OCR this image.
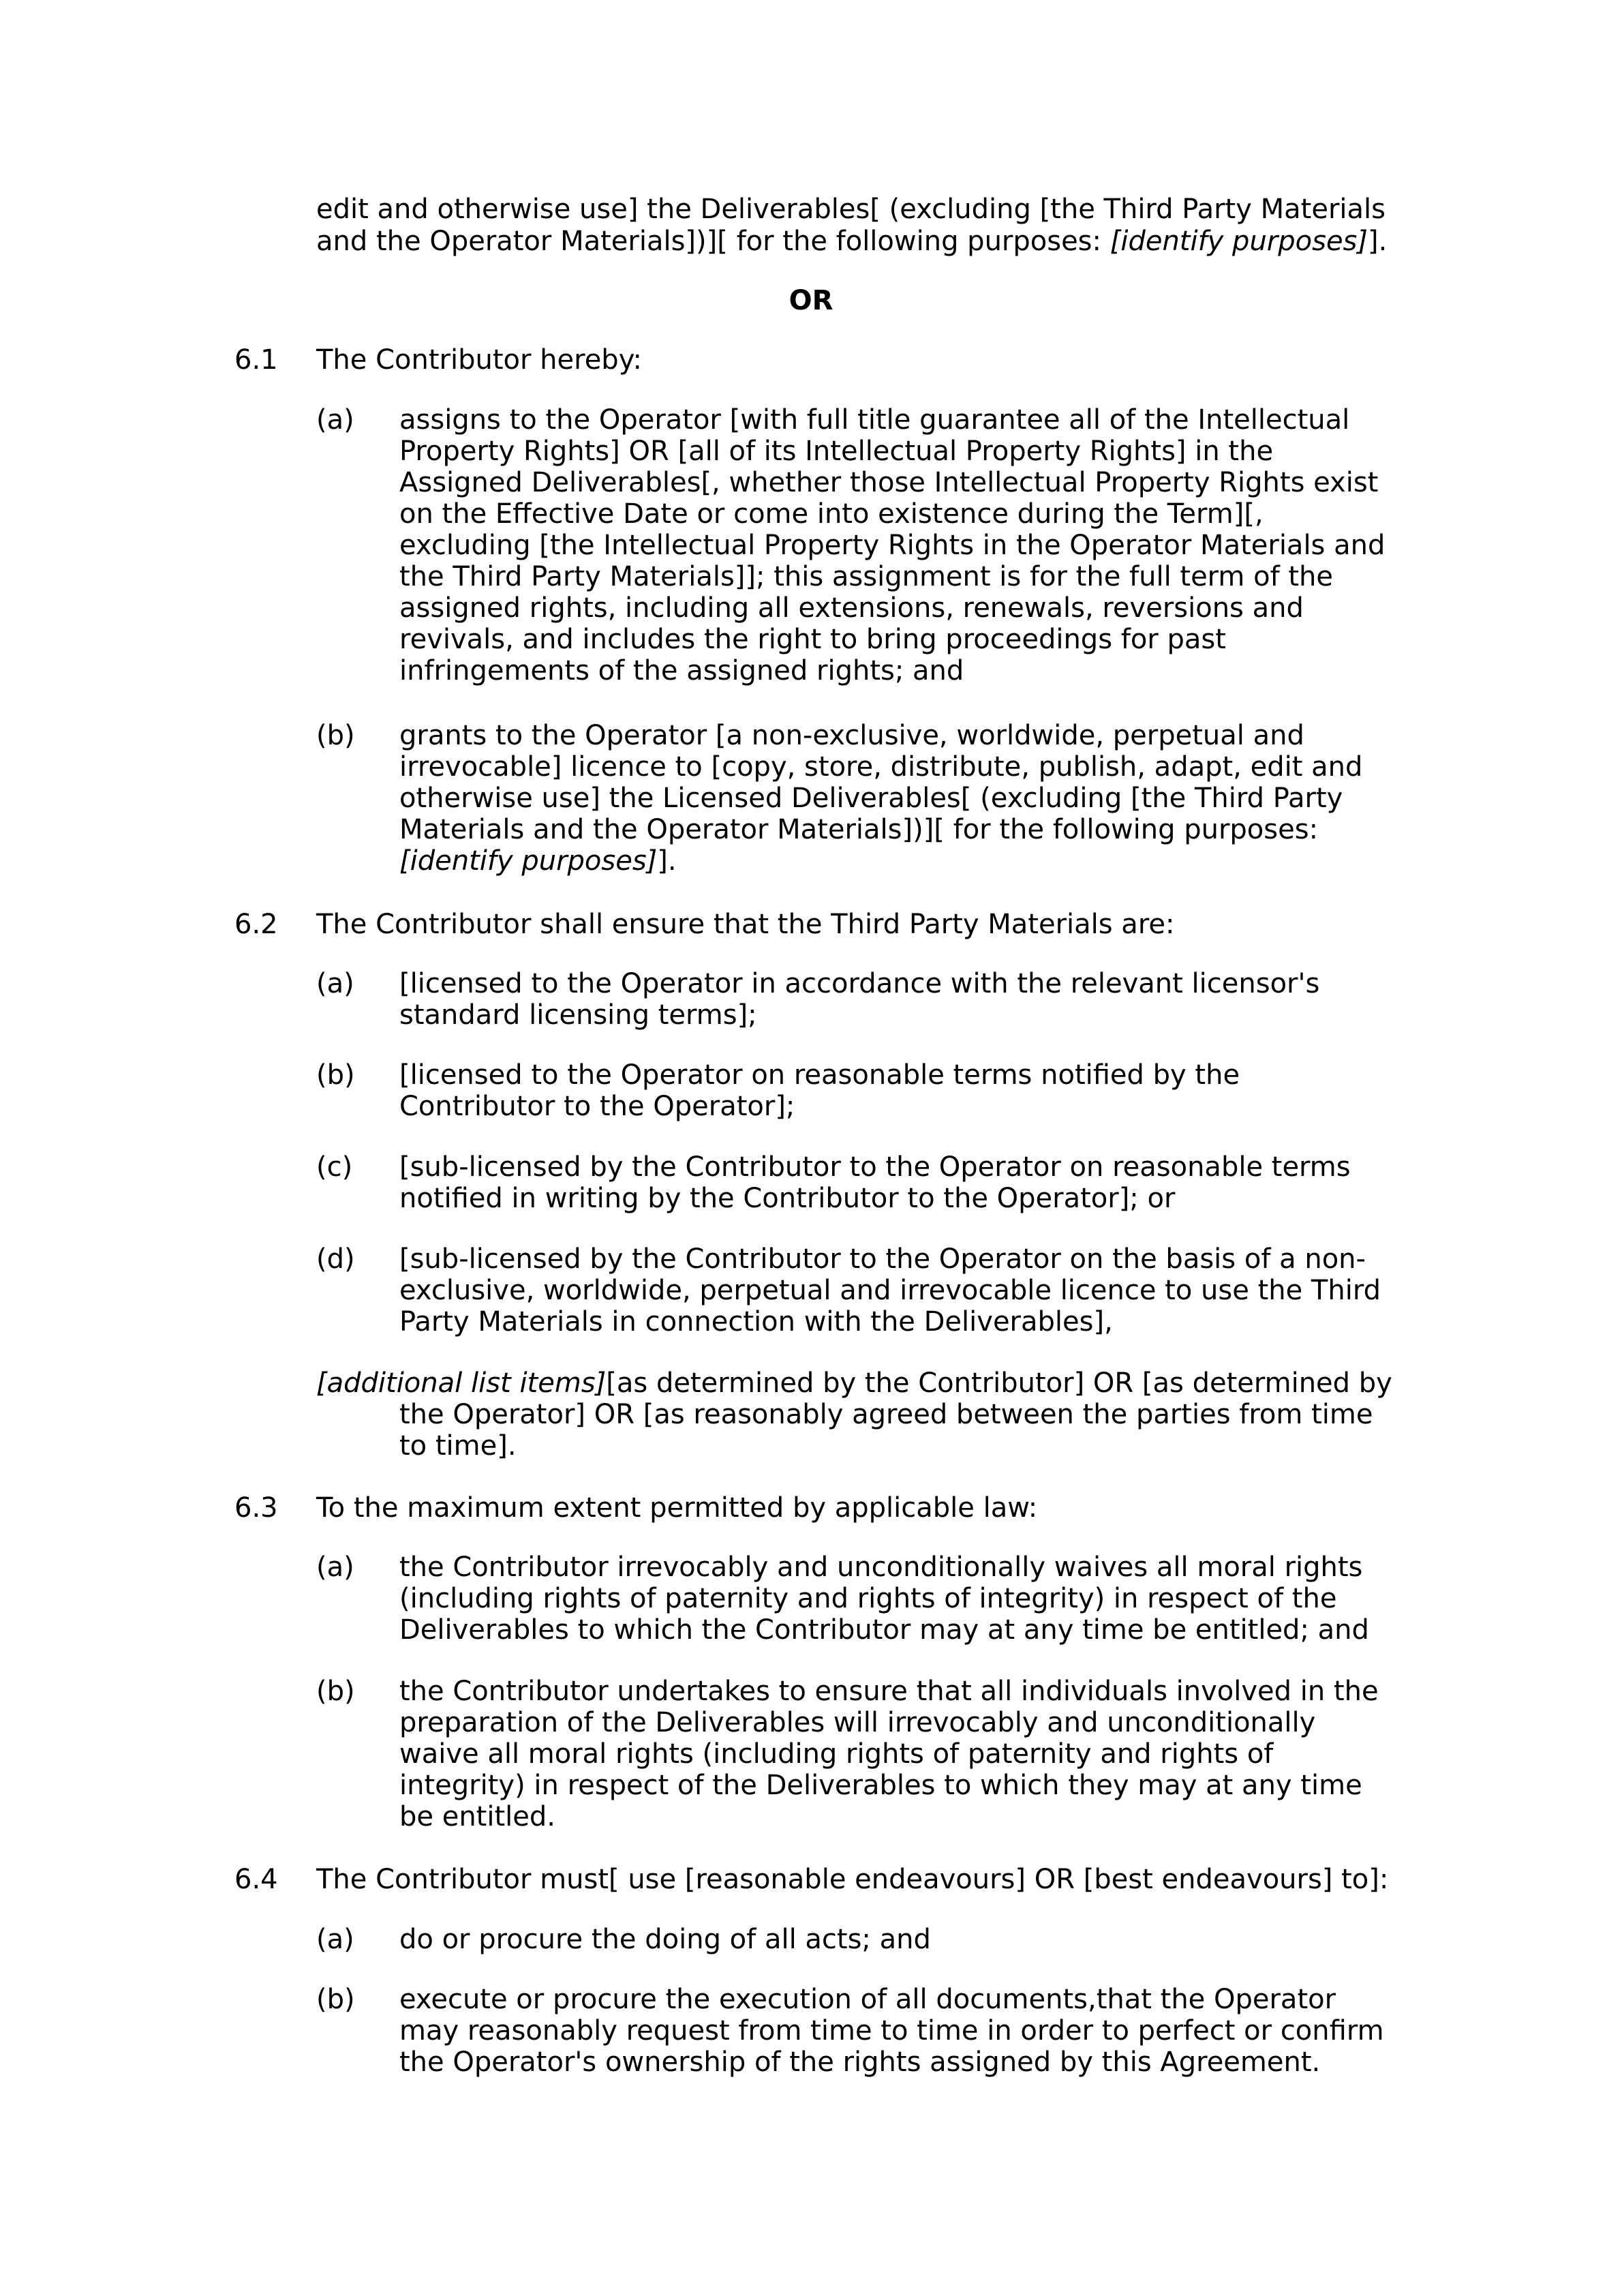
edit and otherwise use] the Deliverables[ (excluding [the Third Party Materials
and the Operator Materials])][ for the following purposes: [identify purposes]].
OR
6.1 The Contributor hereby:
(a) assigns to the Operator [with full title guarantee all of the Intellectual
Property Rights] OR [all of its Intellectual Property Rights] in the
Assigned Deliverables[, whether those Intellectual Property Rights exist
on the Effective Date or come into existence during the Term][,
excluding [the Intellectual Property Rights in the Operator Materials and
the Third Party Materials]]; this assignment is for the full term of the
assigned rights, including all extensions, renewals, reversions and
revivals, and includes the right to bring proceedings for past
infringements of the assigned rights; and
(b) grants to the Operator [a non-exclusive, worldwide, perpetual and
irrevocable] licence to [copy, store, distribute, publish, adapt, edit and
otherwise use] the Licensed Deliverables[ (excluding [the Third Party
Materials and the Operator Materials])][ for the following purposes:
[identify purposes]].
6.2 The Contributor shall ensure that the Third Party Materials are:
(a) [licensed to the Operator in accordance with the relevant licensor's
standard licensing terms];
(b) [licensed to the Operator on reasonable terms notified by the
Contributor to the Operator];
(c) [sub-licensed by the Contributor to the Operator on reasonable terms
notified in writing by the Contributor to the Operator]; or
(d) [sub-licensed by the Contributor to the Operator on the basis of a non-
exclusive, worldwide, perpetual and irrevocable licence to use the Third
Party Materials in connection with the Deliverables],
[additional list items][as determined by the Contributor] OR [as determined by
the Operator] OR [as reasonably agreed between the parties from time
to time].
6.3 To the maximum extent permitted by applicable law:
(a) the Contributor irrevocably and unconditionally waives all moral rights
(including rights of paternity and rights of integrity) in respect of the
Deliverables to which the Contributor may at any time be entitled; and
(b) the Contributor undertakes to ensure that all individuals involved in the
preparation of the Deliverables will irrevocably and unconditionally
waive all moral rights (including rights of paternity and rights of
integrity) in respect of the Deliverables to which they may at any time
be entitled.
6.4 The Contributor must[ use [reasonable endeavours] OR [best endeavours] to]:
(a) do or procure the doing of all acts; and
(b) execute or procure the execution of all documents,that the Operator
may reasonably request from time to time in order to perfect or confirm
the Operator's ownership of the rights assigned by this Agreement.
